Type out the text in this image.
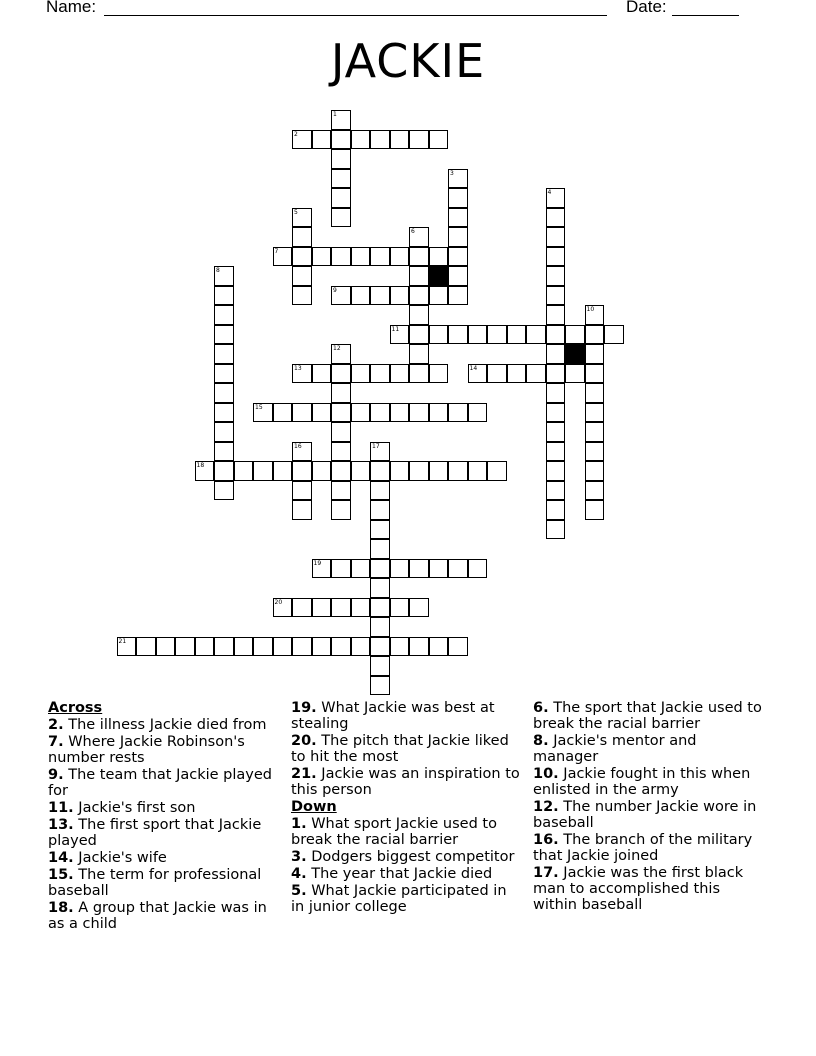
Name:	Date:
JACKIE
2
7
9
11
13	14
15
18
19
20
21
1
3
4
5
6
8
10
12
16	17
Across
2. The illness Jackie died from
7. Where Jackie Robinson's number rests
9. The team that Jackie played for
11. Jackie's first son
13. The first sport that Jackie played
14. Jackie's wife
15. The term for professional baseball
18. A group that Jackie was in as a child
19. What Jackie was best at stealing
20. The pitch that Jackie liked to hit the most
21. Jackie was an inspiration to this person
Down
1. What sport Jackie used to break the racial barrier
3. Dodgers biggest competitor
4. The year that Jackie died
5. What Jackie participated in in junior college
6. The sport that Jackie used to break the racial barrier
8. Jackie's mentor and manager
10. Jackie fought in this when enlisted in the army
12. The number Jackie wore in baseball
16. The branch of the military that Jackie joined
17. Jackie was the first black man to accomplished this within baseball
